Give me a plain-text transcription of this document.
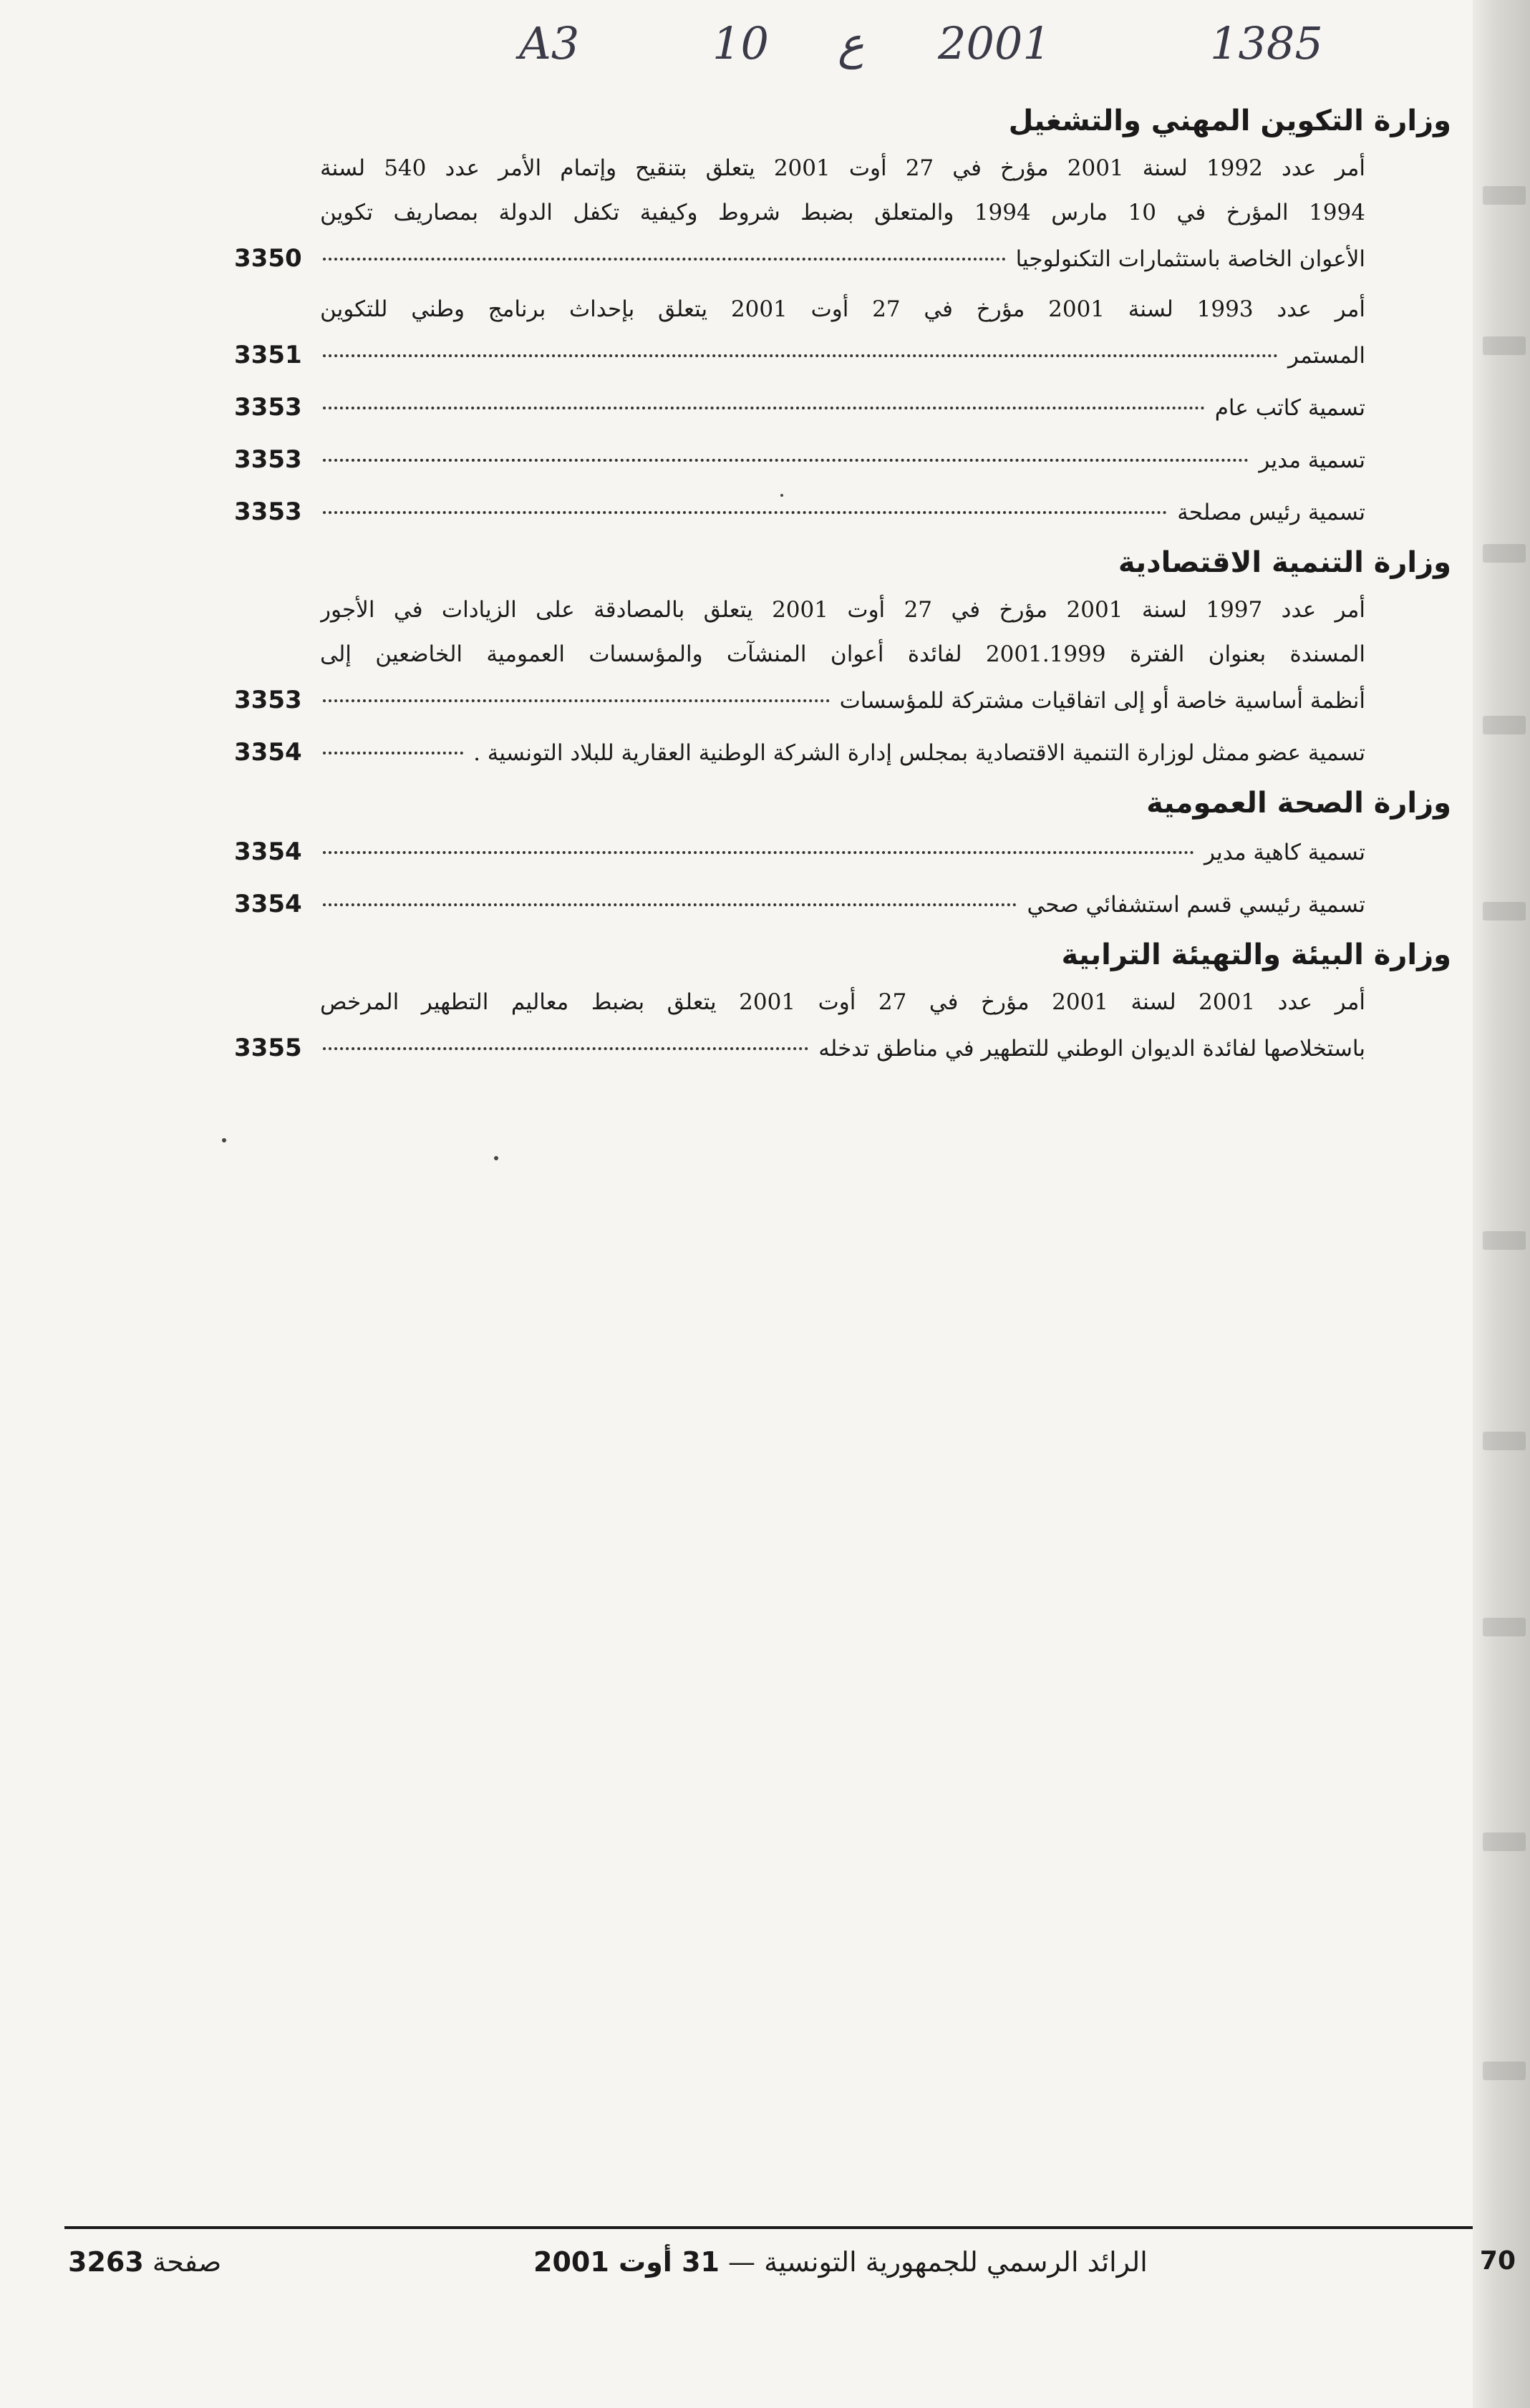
A3	10 ع 2001	1385
وزارة التكوين المهني والتشغيل
أمر عدد 1992 لسنة 2001 مؤرخ في 27 أوت 2001 يتعلق بتنقيح وإتمام الأمر عدد 540 لسنة
1994 المؤرخ في 10 مارس 1994 والمتعلق بضبط شروط وكيفية تكفل الدولة بمصاريف تكوين
الأعوان الخاصة باستثمارات التكنولوجيا
3350
أمر عدد 1993 لسنة 2001 مؤرخ في 27 أوت 2001 يتعلق بإحداث برنامج وطني للتكوين
المستمر
3351
تسمية كاتب عام
3353
تسمية مدير
3353
تسمية رئيس مصلحة
3353
وزارة التنمية الاقتصادية
أمر عدد 1997 لسنة 2001 مؤرخ في 27 أوت 2001 يتعلق بالمصادقة على الزيادات في الأجور
المسندة بعنوان الفترة 2001.1999 لفائدة أعوان المنشآت والمؤسسات العمومية الخاضعين إلى
أنظمة أساسية خاصة أو إلى اتفاقيات مشتركة للمؤسسات
3353
تسمية عضو ممثل لوزارة التنمية الاقتصادية بمجلس إدارة الشركة الوطنية العقارية للبلاد التونسية .
3354
وزارة الصحة العمومية
تسمية كاهية مدير
3354
تسمية رئيسي قسم استشفائي صحي
3354
وزارة البيئة والتهيئة الترابية
أمر عدد 2001 لسنة 2001 مؤرخ في 27 أوت 2001 يتعلق بضبط معاليم التطهير المرخص
باستخلاصها لفائدة الديوان الوطني للتطهير في مناطق تدخله
3355
70
الرائد الرسمي للجمهورية التونسية — 31 أوت 2001
صفحة 3263
